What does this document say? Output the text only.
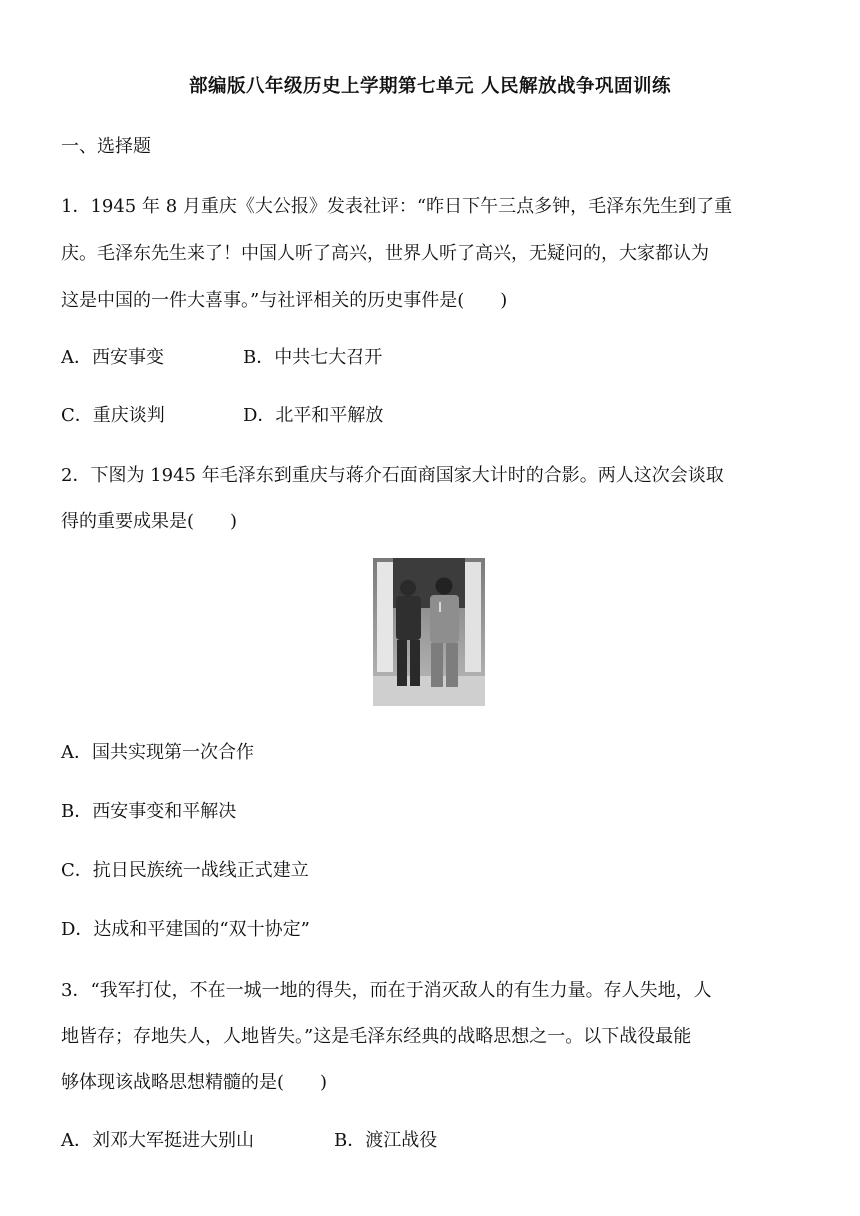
部编版八年级历史上学期第七单元 人民解放战争巩固训练
一、选择题
1．1945 年 8 月重庆《大公报》发表社评：“昨日下午三点多钟，毛泽东先生到了重
庆。毛泽东先生来了！中国人听了高兴，世界人听了高兴，无疑问的，大家都认为
这是中国的一件大喜事。”与社评相关的历史事件是(　　)
A．西安事变	B．中共七大召开
C．重庆谈判	D．北平和平解放
2．下图为 1945 年毛泽东到重庆与蒋介石面商国家大计时的合影。两人这次会谈取
得的重要成果是(　　)
A．国共实现第一次合作
B．西安事变和平解决
C．抗日民族统一战线正式建立
D．达成和平建国的“双十协定”
3．“我军打仗，不在一城一地的得失，而在于消灭敌人的有生力量。存人失地，人
地皆存；存地失人，人地皆失。”这是毛泽东经典的战略思想之一。以下战役最能
够体现该战略思想精髓的是(　　)
A．刘邓大军挺进大别山	B．渡江战役
